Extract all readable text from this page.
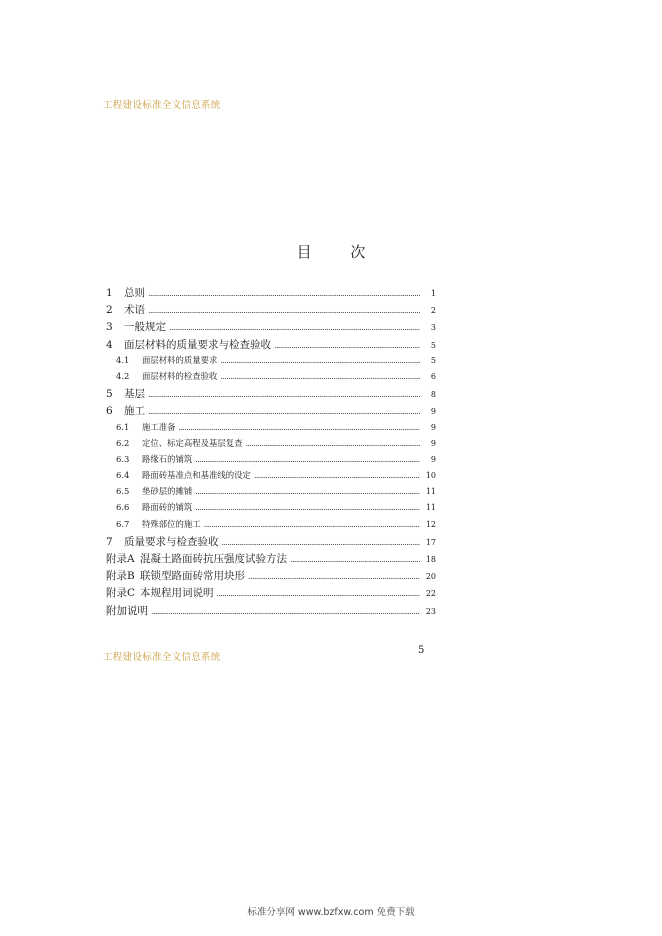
工程建设标准全文信息系统
目 次
1	总则 .....	1
2	术语 .....	2
3	一般规定 .....	3
4	面层材料的质量要求与检查验收 .....	5
4.1	面层材料的质量要求 .....	5
4.2	面层材料的检查验收 .....	6
5	基层 .....	8
6	施工 .....	9
6.1	施工准备 .....	9
6.2	定位、标定高程及基层复查 .....	9
6.3	路缘石的铺筑 .....	9
6.4	路面砖基准点和基准线的设定 .....	10
6.5	垫砂层的摊铺 .....	11
6.6	路面砖的铺筑 .....	11
6.7	特殊部位的施工 .....	12
7	质量要求与检查验收 .....	17
附录A 混凝土路面砖抗压强度试验方法 .....	18
附录B 联锁型路面砖常用块形 .....	20
附录C 本规程用词说明 .....	22
附加说明 .....	23
工程建设标准全文信息系统
5
标准分享网 www.bzfxw.com 免费下载
